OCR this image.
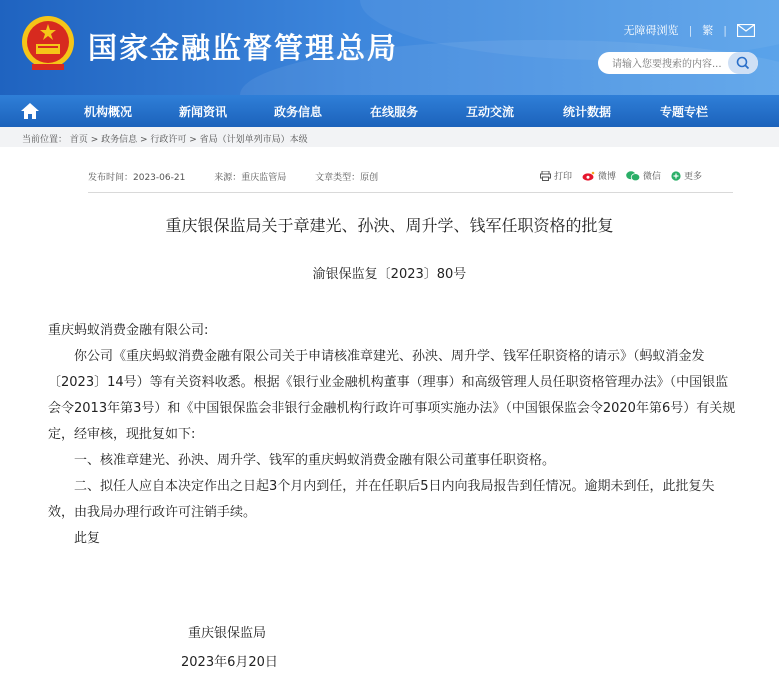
国家金融监督管理总局
无障碍浏览 | 繁 |
请输入您要搜索的内容...
机构概况	新闻资讯	政务信息	在线服务	互动交流	统计数据	专题专栏
当前位置： 首页 > 政务信息 > 行政许可 > 省局（计划单列市局）本级
发布时间：2023-06-21	来源：重庆监管局	文章类型：原创	打印	微博	微信	更多
重庆银保监局关于章建光、孙泱、周升学、钱军任职资格的批复
渝银保监复〔2023〕80号

重庆蚂蚁消费金融有限公司:

你公司《重庆蚂蚁消费金融有限公司关于申请核准章建光、孙泱、周升学、钱军任职资格的请示》（蚂蚁消金发〔2023〕14号）等有关资料收悉。根据《银行业金融机构董事（理事）和高级管理人员任职资格管理办法》（中国银监会令2013年第3号）和《中国银保监会非银行金融机构行政许可事项实施办法》（中国银保监会令2020年第6号）有关规定，经审核，现批复如下:

一、核准章建光、孙泱、周升学、钱军的重庆蚂蚁消费金融有限公司董事任职资格。

二、拟任人应自本决定作出之日起3个月内到任，并在任职后5日内向我局报告到任情况。逾期未到任，此批复失效，由我局办理行政许可注销手续。

此复

重庆银保监局
2023年6月20日
